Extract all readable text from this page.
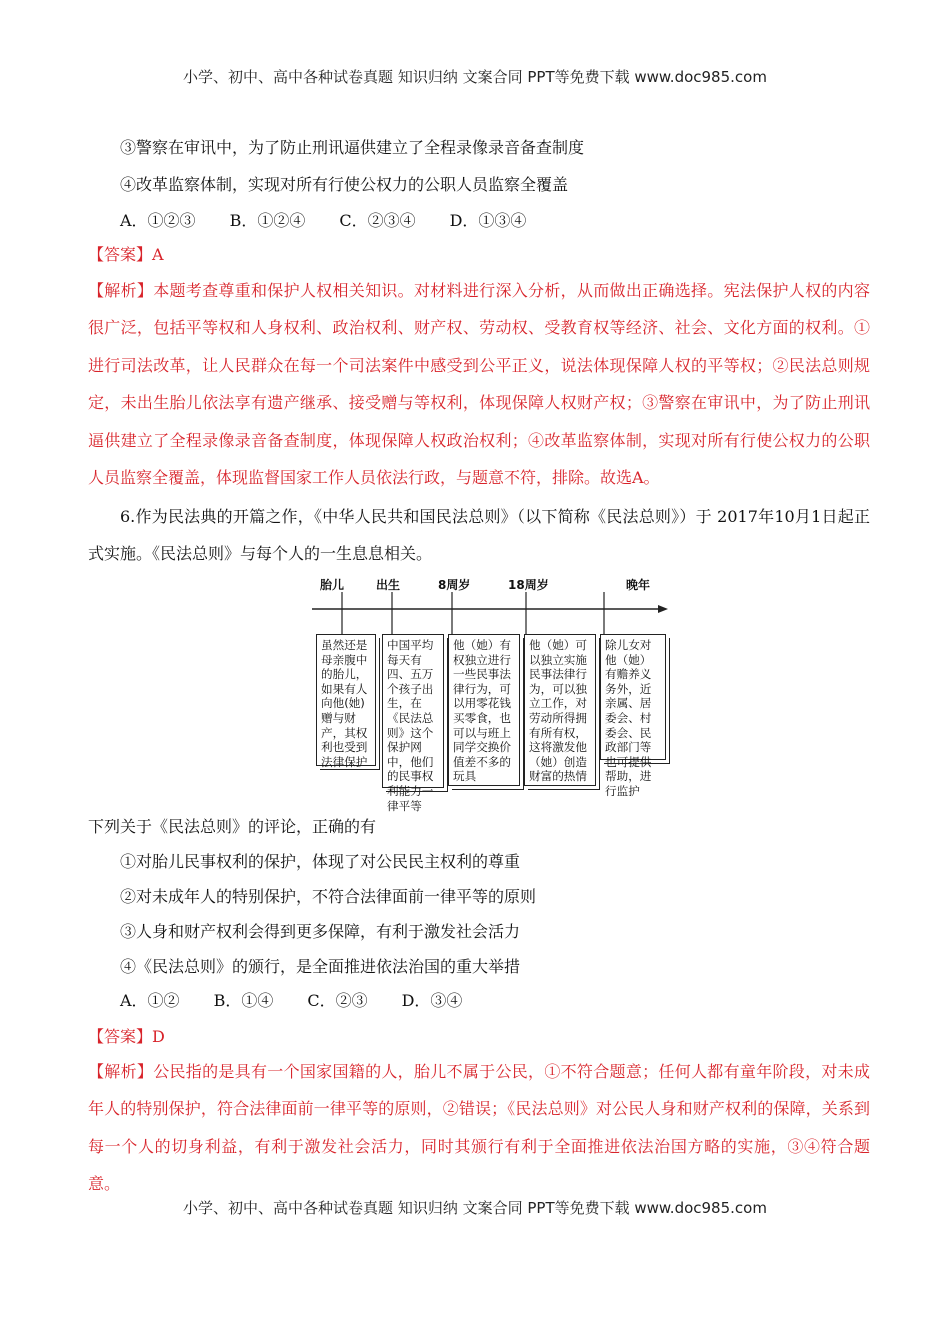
小学、初中、高中各种试卷真题 知识归纳 文案合同 PPT等免费下载 www.doc985.com
③警察在审讯中，为了防止刑讯逼供建立了全程录像录音备查制度
④改革监察体制，实现对所有行使公权力的公职人员监察全覆盖
A．①②③ B．①②④ C．②③④ D．①③④
【答案】A
【解析】本题考查尊重和保护人权相关知识。对材料进行深入分析，从而做出正确选择。宪法保护人权的内容很广泛，包括平等权和人身权利、政治权利、财产权、劳动权、受教育权等经济、社会、文化方面的权利。①进行司法改革，让人民群众在每一个司法案件中感受到公平正义，说法体现保障人权的平等权；②民法总则规定，未出生胎儿依法享有遗产继承、接受赠与等权利，体现保障人权财产权；③警察在审讯中，为了防止刑讯逼供建立了全程录像录音备查制度，体现保障人权政治权利；④改革监察体制，实现对所有行使公权力的公职人员监察全覆盖，体现监督国家工作人员依法行政，与题意不符，排除。故选A。
6.作为民法典的开篇之作，《中华人民共和国民法总则》（以下简称《民法总则》）于 2017年10月1日起正式实施。《民法总则》与每个人的一生息息相关。
胎儿	出生	8周岁	18周岁	晚年
虽然还是母亲腹中的胎儿，如果有人向他(她)赠与财产，其权利也受到法律保护
中国平均每天有四、五万个孩子出生，在《民法总则》这个保护网中，他们的民事权利能力一律平等
他（她）有权独立进行一些民事法律行为，可以用零花钱买零食，也可以与班上同学交换价值差不多的玩具
他（她）可以独立实施民事法律行为，可以独立工作，对劳动所得拥有所有权，这将激发他（她）创造财富的热情
除儿女对他（她）有赡养义务外，近亲属、居委会、村委会、民政部门等也可提供帮助，进行监护
下列关于《民法总则》的评论，正确的有
①对胎儿民事权利的保护，体现了对公民民主权利的尊重
②对未成年人的特别保护，不符合法律面前一律平等的原则
③人身和财产权利会得到更多保障，有利于激发社会活力
④《民法总则》的颁行，是全面推进依法治国的重大举措
A．①② B．①④ C．②③ D．③④
【答案】D
【解析】公民指的是具有一个国家国籍的人，胎儿不属于公民，①不符合题意；任何人都有童年阶段，对未成年人的特别保护，符合法律面前一律平等的原则，②错误；《民法总则》对公民人身和财产权利的保障，关系到每一个人的切身利益，有利于激发社会活力，同时其颁行有利于全面推进依法治国方略的实施，③④符合题意。
小学、初中、高中各种试卷真题 知识归纳 文案合同 PPT等免费下载 www.doc985.com
